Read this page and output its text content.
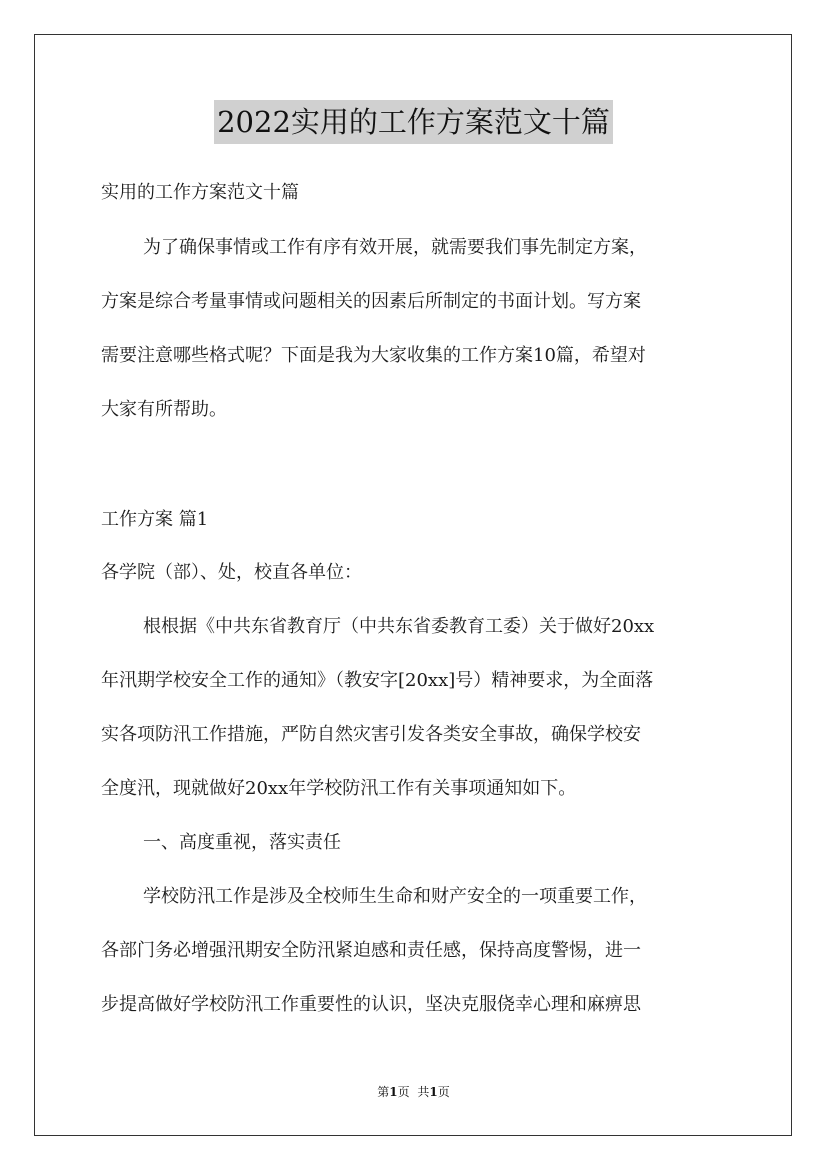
2022实用的工作方案范文十篇
实用的工作方案范文十篇
为了确保事情或工作有序有效开展，就需要我们事先制定方案，
方案是综合考量事情或问题相关的因素后所制定的书面计划。写方案
需要注意哪些格式呢？下面是我为大家收集的工作方案10篇，希望对
大家有所帮助。
工作方案 篇1
各学院（部）、处，校直各单位：
根根据《中共东省教育厅（中共东省委教育工委）关于做好20xx
年汛期学校安全工作的通知》（教安字[20xx]号）精神要求，为全面落
实各项防汛工作措施，严防自然灾害引发各类安全事故，确保学校安
全度汛，现就做好20xx年学校防汛工作有关事项通知如下。
一、高度重视，落实责任
学校防汛工作是涉及全校师生生命和财产安全的一项重要工作，
各部门务必增强汛期安全防汛紧迫感和责任感，保持高度警惕，进一
步提高做好学校防汛工作重要性的认识，坚决克服侥幸心理和麻痹思
第1页 共1页
